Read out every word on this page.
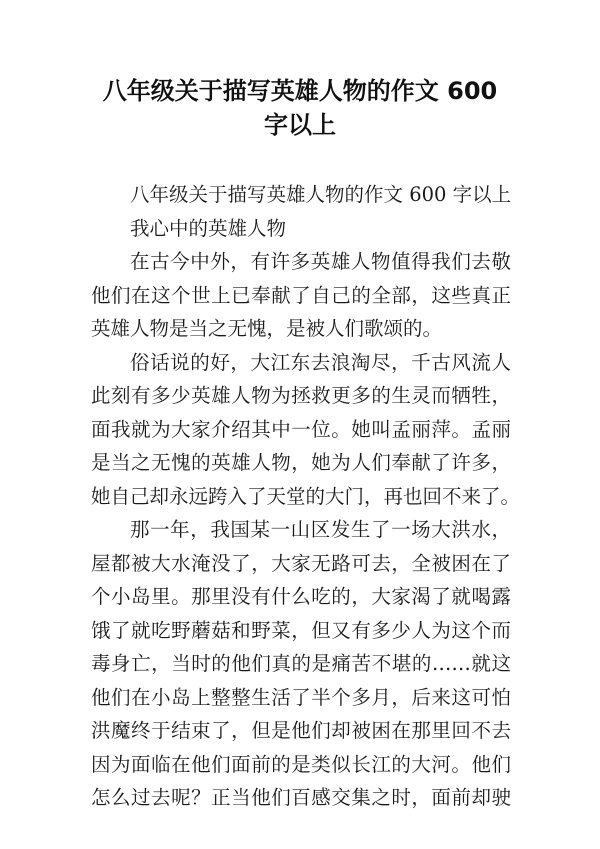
八年级关于描写英雄人物的作文 600
字以上
八年级关于描写英雄人物的作文 600 字以上
我心中的英雄人物
在古今中外，有许多英雄人物值得我们去敬
他们在这个世上已奉献了自己的全部，这些真正
英雄人物是当之无愧，是被人们歌颂的。
俗话说的好，大江东去浪淘尽，千古风流人
此刻有多少英雄人物为拯救更多的生灵而牺牲，
面我就为大家介绍其中一位。她叫孟丽萍。孟丽
是当之无愧的英雄人物，她为人们奉献了许多，
她自己却永远跨入了天堂的大门，再也回不来了。
那一年，我国某一山区发生了一场大洪水，
屋都被大水淹没了，大家无路可去，全被困在了
个小岛里。那里没有什么吃的，大家渴了就喝露
饿了就吃野蘑菇和野菜，但又有多少人为这个而
毒身亡，当时的他们真的是痛苦不堪的……就这
他们在小岛上整整生活了半个多月，后来这可怕
洪魔终于结束了，但是他们却被困在那里回不去
因为面临在他们面前的是类似长江的大河。他们
怎么过去呢？正当他们百感交集之时，面前却驶
